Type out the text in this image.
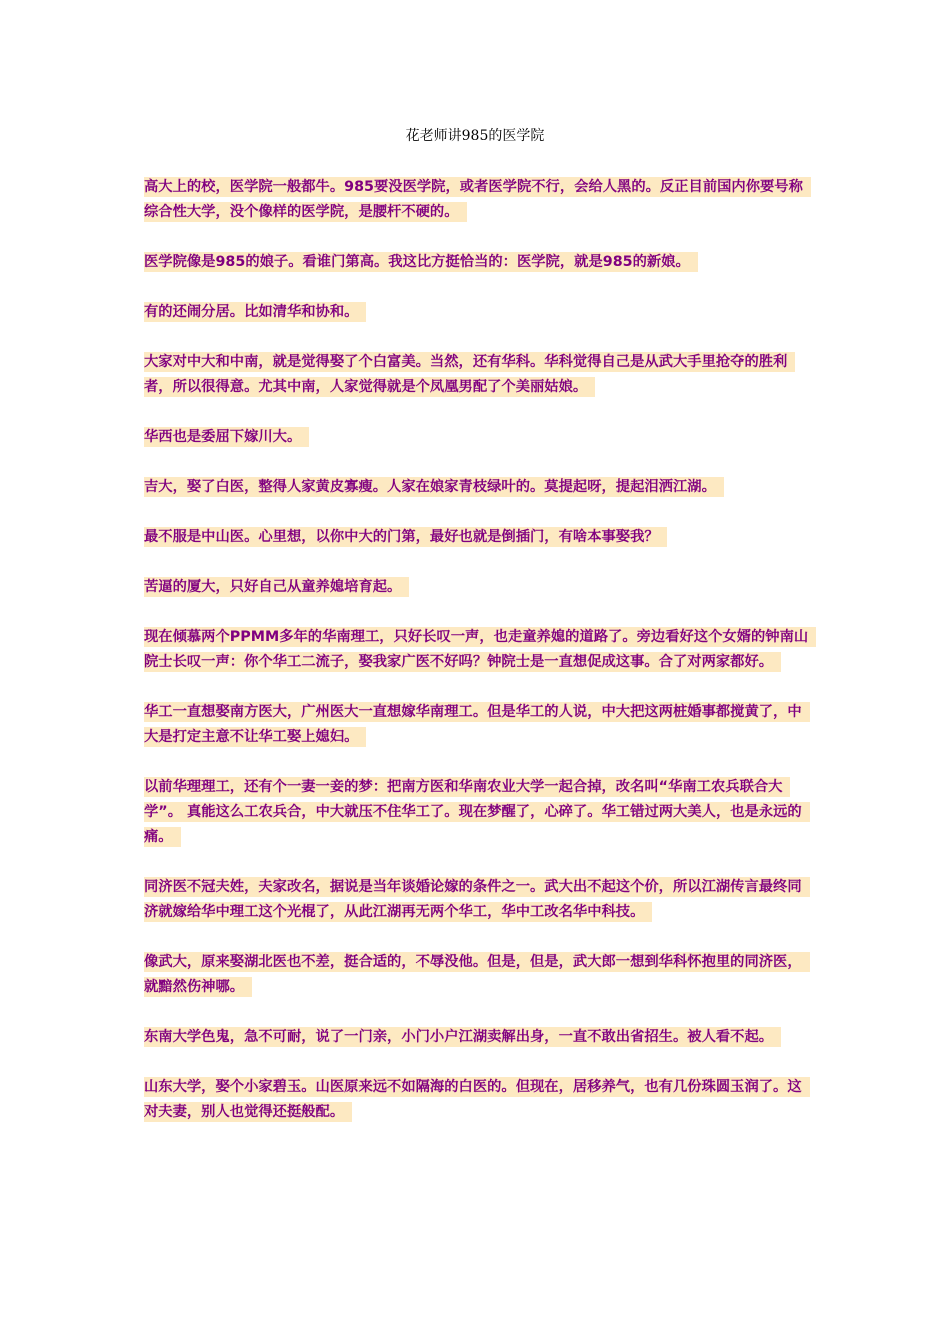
花老师讲985的医学院

高大上的校，医学院一般都牛。985要没医学院，或者医学院不行，会给人黑的。反正目前国内你要号称综合性大学，没个像样的医学院，是腰杆不硬的。

医学院像是985的娘子。看谁门第高。我这比方挺恰当的：医学院，就是985的新娘。

有的还闹分居。比如清华和协和。

大家对中大和中南，就是觉得娶了个白富美。当然，还有华科。华科觉得自己是从武大手里抢夺的胜利者，所以很得意。尤其中南，人家觉得就是个凤凰男配了个美丽姑娘。

华西也是委屈下嫁川大。

吉大，娶了白医，整得人家黄皮寡瘦。人家在娘家青枝绿叶的。莫提起呀，提起泪洒江湖。

最不服是中山医。心里想，以你中大的门第，最好也就是倒插门，有啥本事娶我？

苦逼的厦大，只好自己从童养媳培育起。

现在倾慕两个PPMM多年的华南理工，只好长叹一声，也走童养媳的道路了。旁边看好这个女婿的钟南山院士长叹一声：你个华工二流子，娶我家广医不好吗？钟院士是一直想促成这事。合了对两家都好。

华工一直想娶南方医大，广州医大一直想嫁华南理工。但是华工的人说，中大把这两桩婚事都搅黄了，中大是打定主意不让华工娶上媳妇。

以前华理理工，还有个一妻一妾的梦：把南方医和华南农业大学一起合掉，改名叫“华南工农兵联合大学”。 真能这么工农兵合，中大就压不住华工了。现在梦醒了，心碎了。华工错过两大美人，也是永远的痛。

同济医不冠夫姓，夫家改名，据说是当年谈婚论嫁的条件之一。武大出不起这个价，所以江湖传言最终同济就嫁给华中理工这个光棍了，从此江湖再无两个华工，华中工改名华中科技。

像武大，原来娶湖北医也不差，挺合适的，不辱没他。但是，但是，武大郎一想到华科怀抱里的同济医，就黯然伤神哪。

东南大学色鬼，急不可耐，说了一门亲，小门小户江湖卖解出身，一直不敢出省招生。被人看不起。

山东大学，娶个小家碧玉。山医原来远不如隔海的白医的。但现在，居移养气，也有几份珠圆玉润了。这对夫妻，别人也觉得还挺般配。
